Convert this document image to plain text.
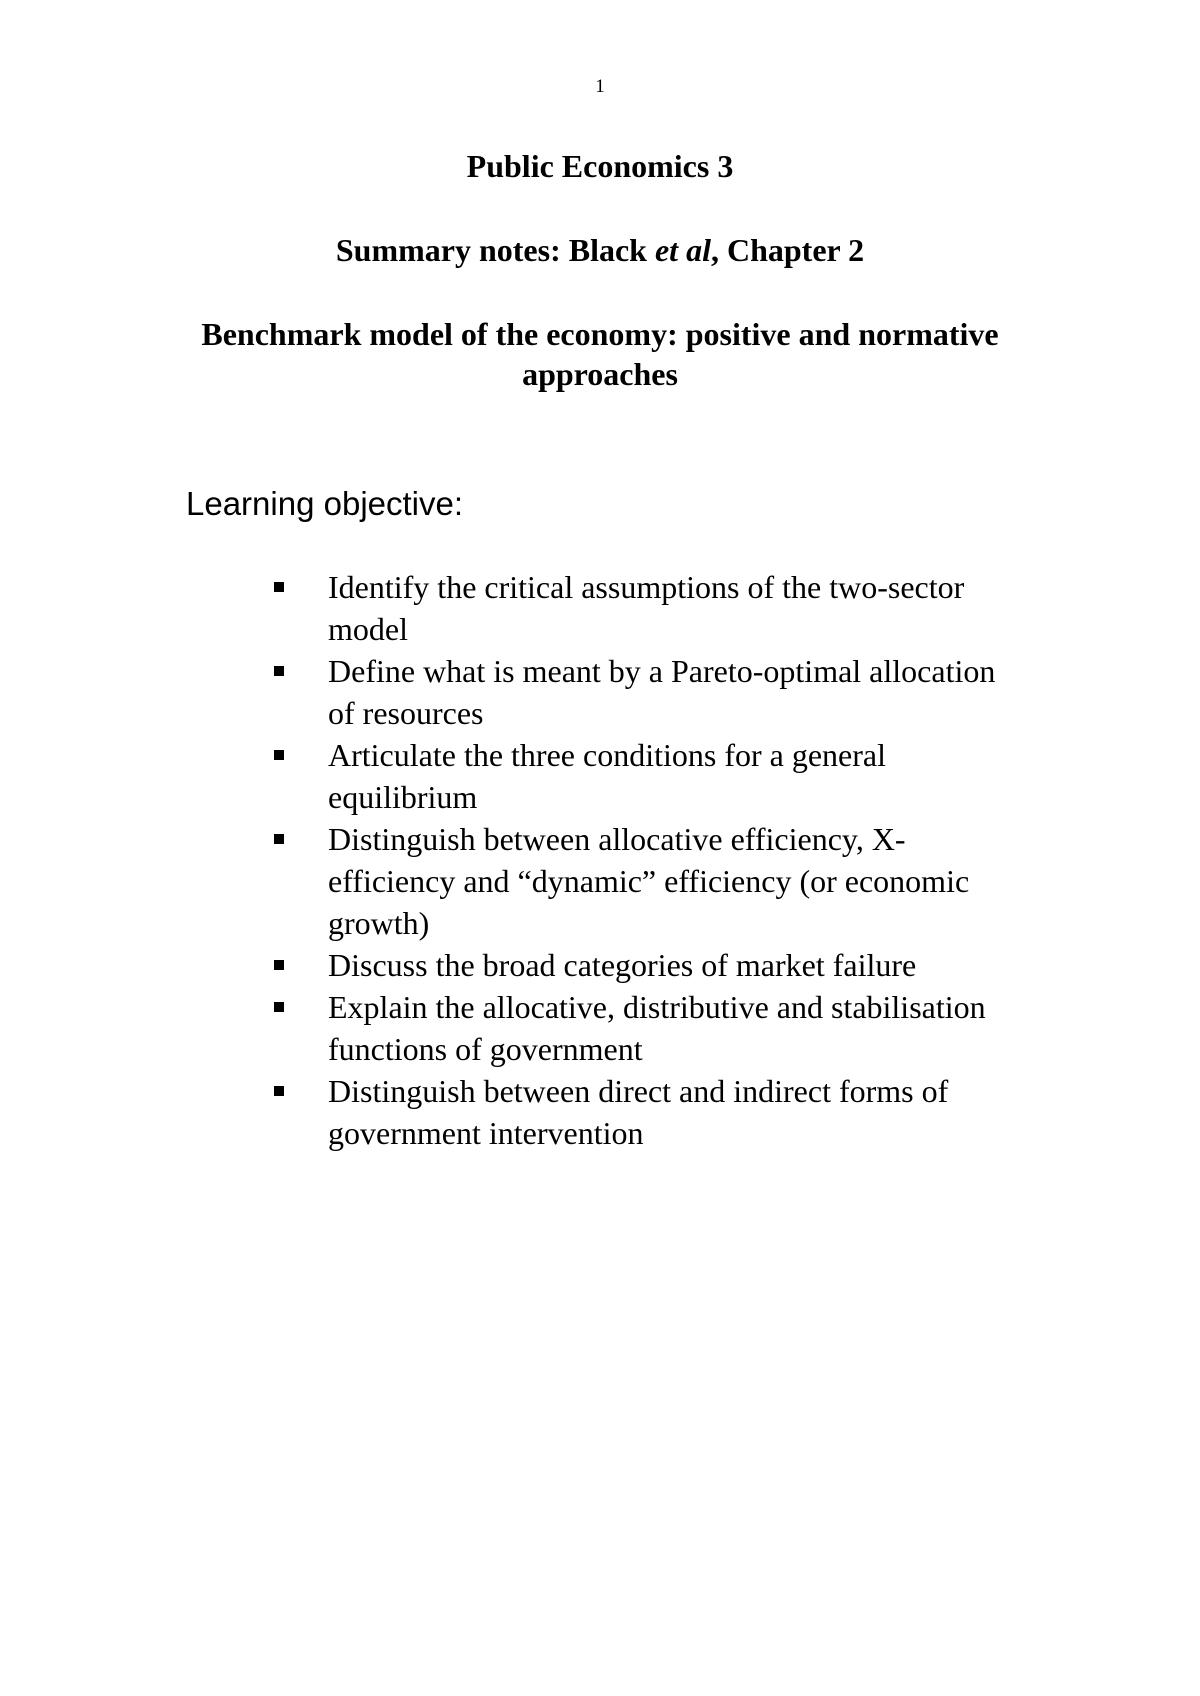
1
Public Economics 3
Summary notes: Black et al, Chapter 2
Benchmark model of the economy: positive and normative approaches
Learning objective:
Identify the critical assumptions of the two-sector model
Define what is meant by a Pareto-optimal allocation of resources
Articulate the three conditions for a general equilibrium
Distinguish between allocative efficiency, X-efficiency and “dynamic” efficiency (or economic growth)
Discuss the broad categories of market failure
Explain the allocative, distributive and stabilisation functions of government
Distinguish between direct and indirect forms of government intervention
